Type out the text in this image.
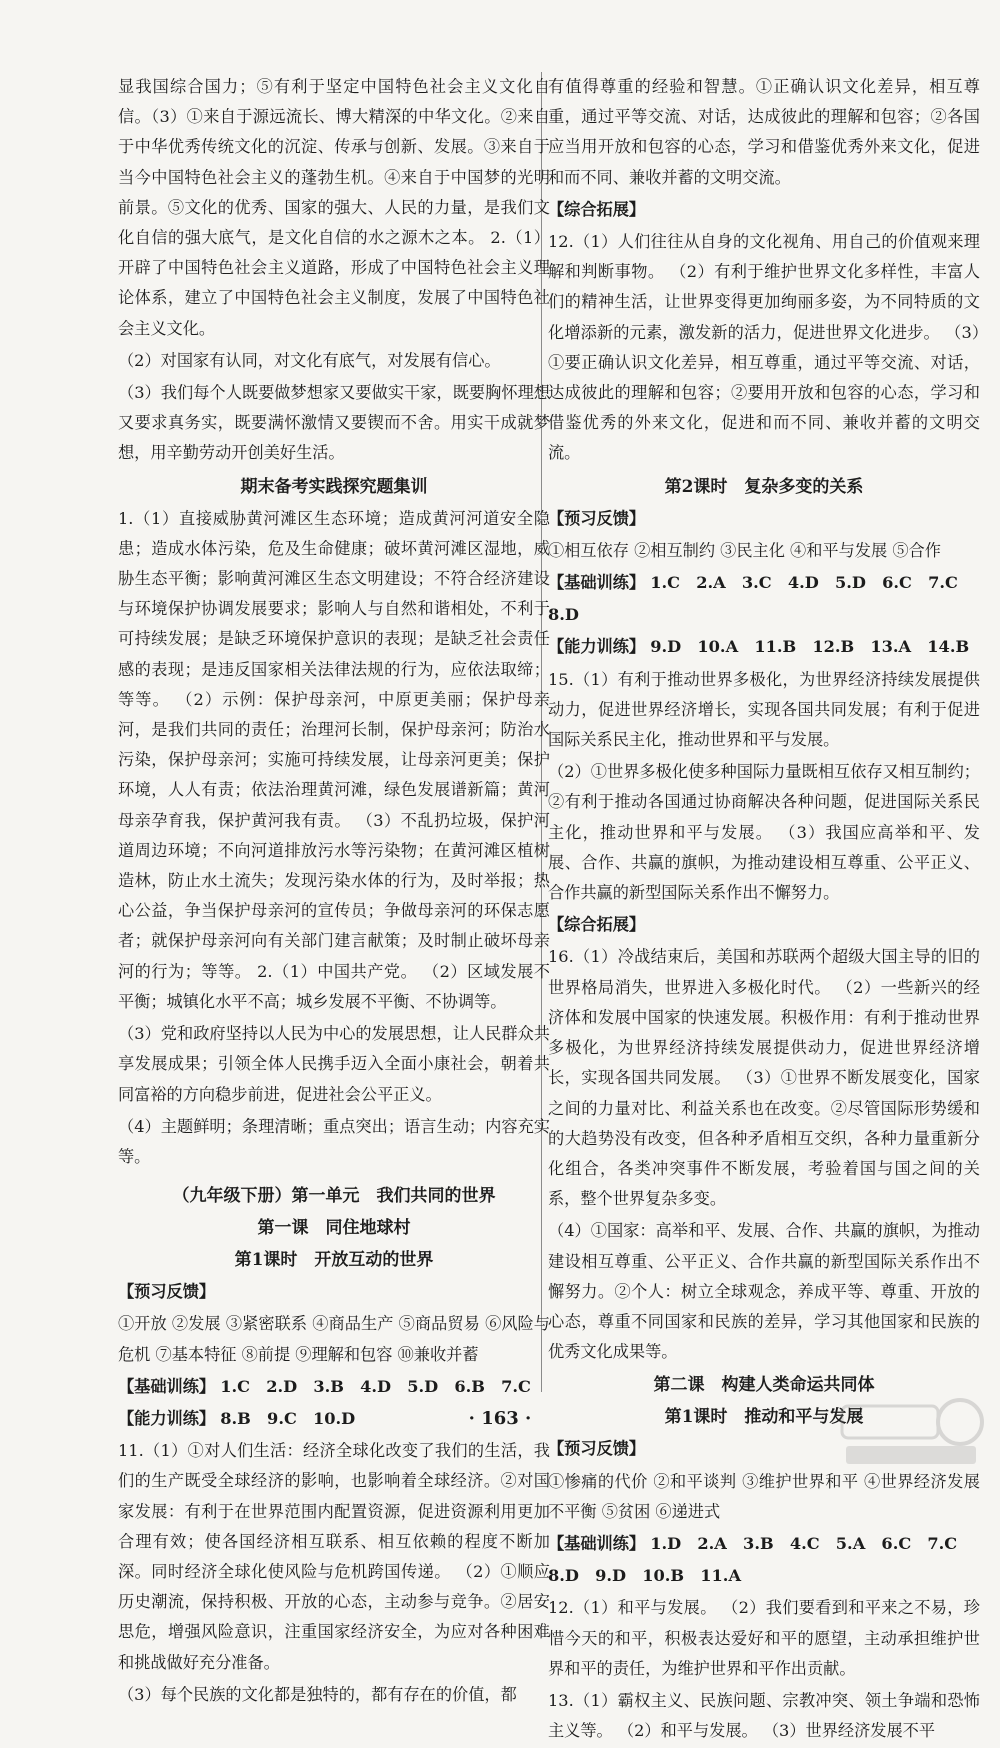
显我国综合国力；⑤有利于坚定中国特色社会主义文化自信。（3）①来自于源远流长、博大精深的中华文化。②来自于中华优秀传统文化的沉淀、传承与创新、发展。③来自于当今中国特色社会主义的蓬勃生机。④来自于中国梦的光明前景。⑤文化的优秀、国家的强大、人民的力量，是我们文化自信的强大底气，是文化自信的水之源木之本。 2.（1）开辟了中国特色社会主义道路，形成了中国特色社会主义理论体系，建立了中国特色社会主义制度，发展了中国特色社会主义文化。

（2）对国家有认同，对文化有底气，对发展有信心。

（3）我们每个人既要做梦想家又要做实干家，既要胸怀理想又要求真务实，既要满怀激情又要锲而不舍。用实干成就梦想，用辛勤劳动开创美好生活。

期末备考实践探究题集训

1.（1）直接威胁黄河滩区生态环境；造成黄河河道安全隐患；造成水体污染，危及生命健康；破坏黄河滩区湿地，威胁生态平衡；影响黄河滩区生态文明建设；不符合经济建设与环境保护协调发展要求；影响人与自然和谐相处，不利于可持续发展；是缺乏环境保护意识的表现；是缺乏社会责任感的表现；是违反国家相关法律法规的行为，应依法取缔；等等。 （2）示例：保护母亲河，中原更美丽；保护母亲河，是我们共同的责任；治理河长制，保护母亲河；防治水污染，保护母亲河；实施可持续发展，让母亲河更美；保护环境，人人有责；依法治理黄河滩，绿色发展谱新篇；黄河母亲孕育我，保护黄河我有责。 （3）不乱扔垃圾，保护河道周边环境；不向河道排放污水等污染物；在黄河滩区植树造林，防止水土流失；发现污染水体的行为，及时举报；热心公益，争当保护母亲河的宣传员；争做母亲河的环保志愿者；就保护母亲河向有关部门建言献策；及时制止破坏母亲河的行为；等等。 2.（1）中国共产党。 （2）区域发展不平衡；城镇化水平不高；城乡发展不平衡、不协调等。

（3）党和政府坚持以人民为中心的发展思想，让人民群众共享发展成果；引领全体人民携手迈入全面小康社会，朝着共同富裕的方向稳步前进，促进社会公平正义。

（4）主题鲜明；条理清晰；重点突出；语言生动；内容充实等。

（九年级下册）第一单元　我们共同的世界
第一课　同住地球村
第1课时　开放互动的世界

【预习反馈】

①开放 ②发展 ③紧密联系 ④商品生产 ⑤商品贸易 ⑥风险与危机 ⑦基本特征 ⑧前提 ⑨理解和包容 ⑩兼收并蓄

【基础训练】 1.C　2.D　3.B　4.D　5.D　6.B　7.C

【能力训练】 8.B　9.C　10.D

11.（1）①对人们生活：经济全球化改变了我们的生活，我们的生产既受全球经济的影响，也影响着全球经济。②对国家发展：有利于在世界范围内配置资源，促进资源利用更加合理有效；使各国经济相互联系、相互依赖的程度不断加深。同时经济全球化使风险与危机跨国传递。 （2）①顺应历史潮流，保持积极、开放的心态，主动参与竞争。②居安思危，增强风险意识，注重国家经济安全，为应对各种困难和挑战做好充分准备。

（3）每个民族的文化都是独特的，都有存在的价值，都

有值得尊重的经验和智慧。①正确认识文化差异，相互尊重，通过平等交流、对话，达成彼此的理解和包容；②各国应当用开放和包容的心态，学习和借鉴优秀外来文化，促进和而不同、兼收并蓄的文明交流。

【综合拓展】

12.（1）人们往往从自身的文化视角、用自己的价值观来理解和判断事物。 （2）有利于维护世界文化多样性，丰富人们的精神生活，让世界变得更加绚丽多姿，为不同特质的文化增添新的元素，激发新的活力，促进世界文化进步。 （3）①要正确认识文化差异，相互尊重，通过平等交流、对话，达成彼此的理解和包容；②要用开放和包容的心态，学习和借鉴优秀的外来文化，促进和而不同、兼收并蓄的文明交流。

第2课时　复杂多变的关系

【预习反馈】

①相互依存 ②相互制约 ③民主化 ④和平与发展 ⑤合作

【基础训练】 1.C　2.A　3.C　4.D　5.D　6.C　7.C

8.D

【能力训练】 9.D　10.A　11.B　12.B　13.A　14.B

15.（1）有利于推动世界多极化，为世界经济持续发展提供动力，促进世界经济增长，实现各国共同发展；有利于促进国际关系民主化，推动世界和平与发展。

（2）①世界多极化使多种国际力量既相互依存又相互制约；②有利于推动各国通过协商解决各种问题，促进国际关系民主化，推动世界和平与发展。 （3）我国应高举和平、发展、合作、共赢的旗帜，为推动建设相互尊重、公平正义、合作共赢的新型国际关系作出不懈努力。

【综合拓展】

16.（1）冷战结束后，美国和苏联两个超级大国主导的旧的世界格局消失，世界进入多极化时代。 （2）一些新兴的经济体和发展中国家的快速发展。积极作用：有利于推动世界多极化，为世界经济持续发展提供动力，促进世界经济增长，实现各国共同发展。 （3）①世界不断发展变化，国家之间的力量对比、利益关系也在改变。②尽管国际形势缓和的大趋势没有改变，但各种矛盾相互交织，各种力量重新分化组合，各类冲突事件不断发展，考验着国与国之间的关系，整个世界复杂多变。

（4）①国家：高举和平、发展、合作、共赢的旗帜，为推动建设相互尊重、公平正义、合作共赢的新型国际关系作出不懈努力。②个人：树立全球观念，养成平等、尊重、开放的心态，尊重不同国家和民族的差异，学习其他国家和民族的优秀文化成果等。

第二课　构建人类命运共同体
第1课时　推动和平与发展

【预习反馈】

①惨痛的代价 ②和平谈判 ③维护世界和平 ④世界经济发展不平衡 ⑤贫困 ⑥递进式

【基础训练】 1.D　2.A　3.B　4.C　5.A　6.C　7.C

8.D　9.D　10.B　11.A

12.（1）和平与发展。 （2）我们要看到和平来之不易，珍惜今天的和平，积极表达爱好和平的愿望，主动承担维护世界和平的责任，为维护世界和平作出贡献。

13.（1）霸权主义、民族问题、宗教冲突、领土争端和恐怖主义等。 （2）和平与发展。 （3）世界经济发展不平

· 163 ·
